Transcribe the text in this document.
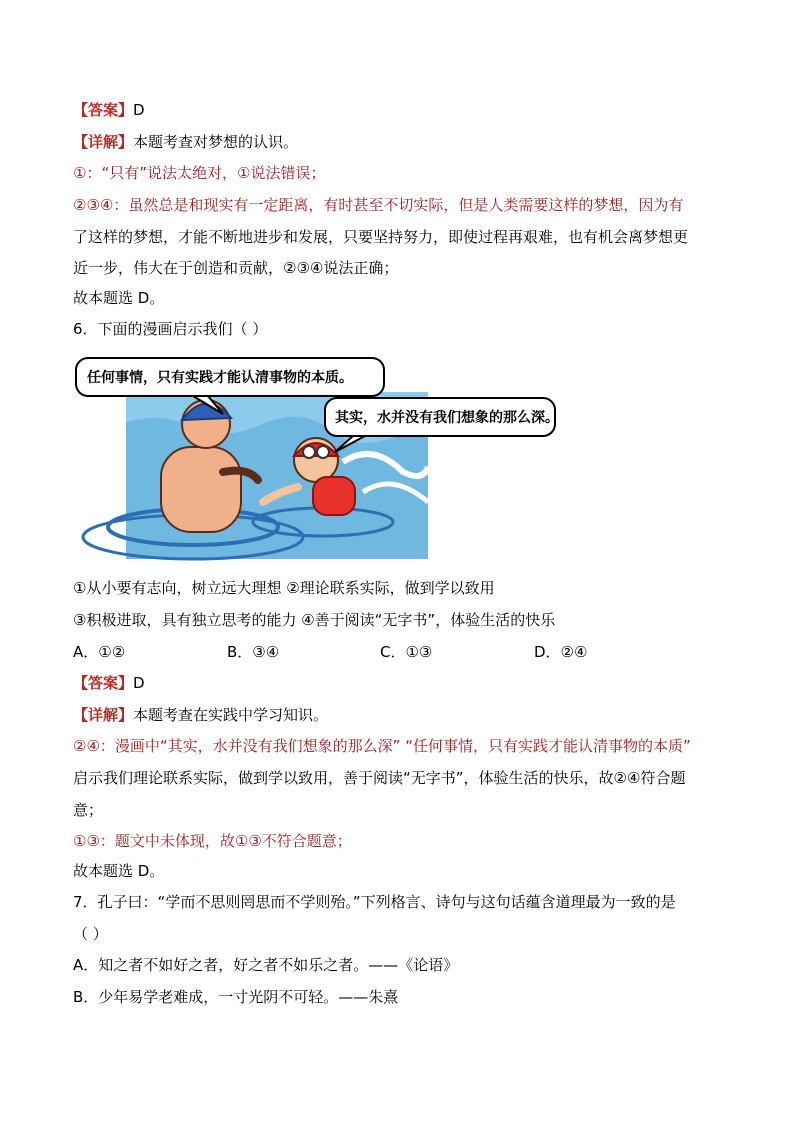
【答案】D
【详解】本题考查对梦想的认识。
①：“只有”说法太绝对，①说法错误；
②③④：虽然总是和现实有一定距离，有时甚至不切实际，但是人类需要这样的梦想，因为有
了这样的梦想，才能不断地进步和发展，只要坚持努力，即使过程再艰难，也有机会离梦想更
近一步，伟大在于创造和贡献，②③④说法正确；
故本题选 D。
6．下面的漫画启示我们（ ）
任何事情，只有实践才能认清事物的本质。
其实，水并没有我们想象的那么深。
①从小要有志向，树立远大理想 ②理论联系实际，做到学以致用
③积极进取，具有独立思考的能力 ④善于阅读“无字书”，体验生活的快乐
A．①②	B．③④	C．①③	D．②④
【答案】D
【详解】本题考查在实践中学习知识。
②④：漫画中“其实，水并没有我们想象的那么深” “任何事情，只有实践才能认清事物的本质”
启示我们理论联系实际，做到学以致用，善于阅读“无字书”，体验生活的快乐，故②④符合题
意；
①③：题文中未体现，故①③不符合题意；
故本题选 D。
7．孔子曰：“学而不思则罔思而不学则殆。”下列格言、诗句与这句话蕴含道理最为一致的是
（ ）
A．知之者不如好之者，好之者不如乐之者。——《论语》
B．少年易学老难成，一寸光阴不可轻。——朱熹
